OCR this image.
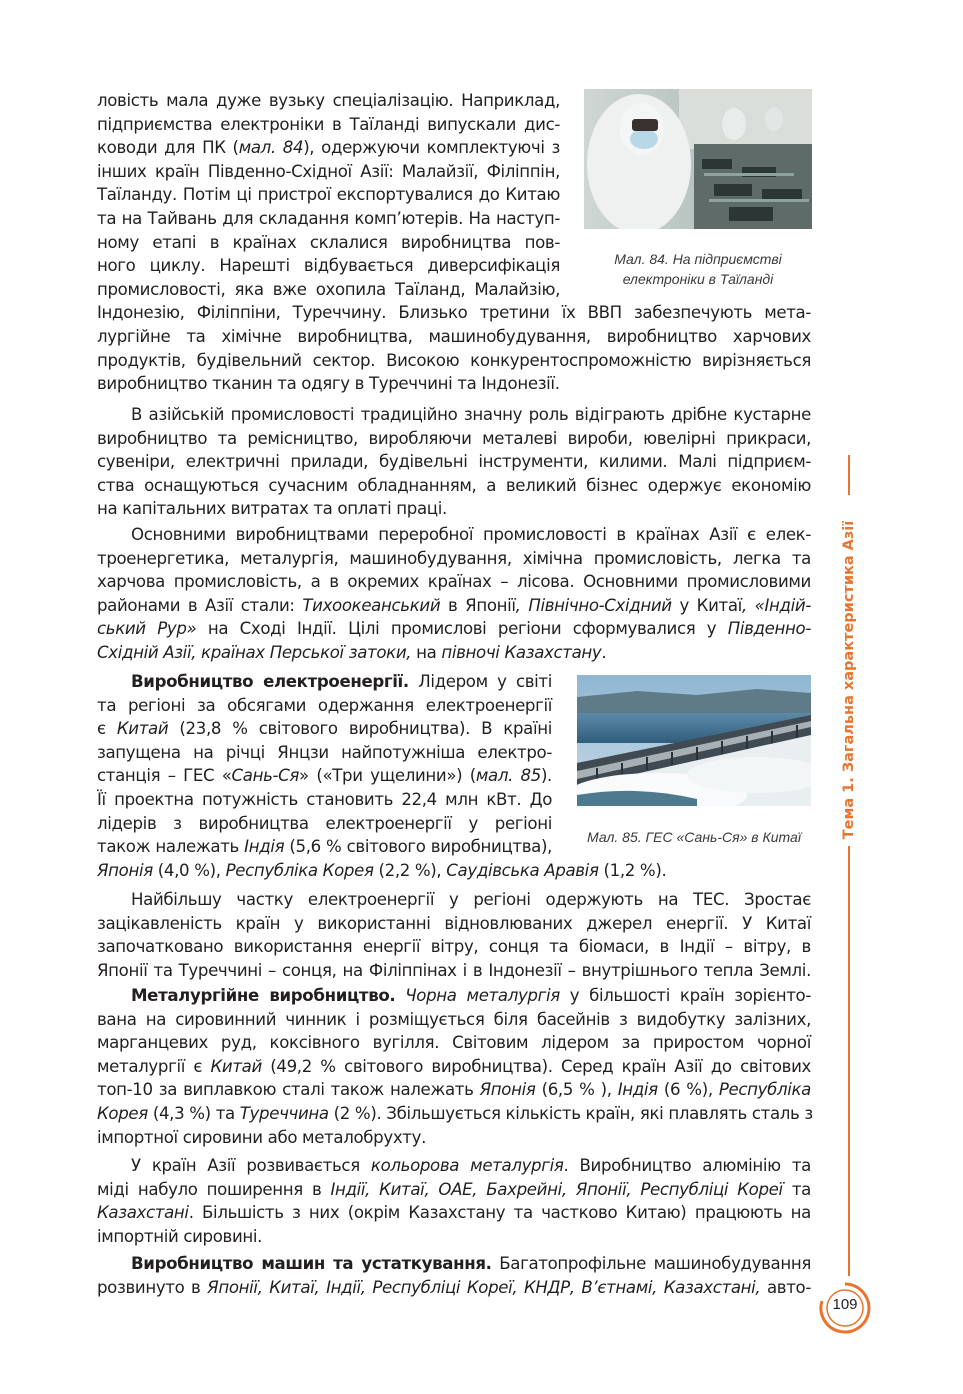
Мал. 84. На підприємстві
електроніки в Таїланді
ловість мала дуже вузьку спеціалізацію. Наприклад,
підприємства електроніки в Таїланді випускали дис-
ководи для ПК (мал. 84), одержуючи комплектуючі з
інших країн Південно-Східної Азії: Малайзії, Філіппін,
Таїланду. Потім ці пристрої експортувалися до Китаю
та на Тайвань для складання комп’ютерів. На наступ-
ному етапі в країнах склалися виробництва пов-
ного циклу. Нарешті відбувається диверсифікація
промисловості, яка вже охопила Таїланд, Малайзію,
Індонезію, Філіппіни, Туреччину. Близько третини їх ВВП забезпечують мета-
лургійне та хімічне виробництва, машинобудування, виробництво харчових
продуктів, будівельний сектор. Високою конкурентоспроможністю вирізняється
виробництво тканин та одягу в Туреччині та Індонезії.
В азійській промисловості традиційно значну роль відіграють дрібне кустарне
виробництво та ремісництво, виробляючи металеві вироби, ювелірні прикраси,
сувеніри, електричні прилади, будівельні інструменти, килими. Малі підприєм-
ства оснащуються сучасним обладнанням, а великий бізнес одержує економію
на капітальних витратах та оплаті праці.
Основними виробництвами переробної промисловості в країнах Азії є елек-
троенергетика, металургія, машинобудування, хімічна промисловість, легка та
харчова промисловість, а в окремих країнах – лісова. Основними промисловими
районами в Азії стали: Тихоокеанський в Японії, Північно-Східний у Китаї, «Індій-
ський Рур» на Сході Індії. Цілі промислові регіони сформувалися у Південно-
Східній Азії, країнах Перської затоки, на півночі Казахстану.
Мал. 85. ГЕС «Сань-Ся» в Китаї
Виробництво електроенергії. Лідером у світі
та регіоні за обсягами одержання електроенергії
є Китай (23,8 % світового виробництва). В країні
запущена на річці Янцзи найпотужніша електро-
станція – ГЕС «Сань-Ся» («Три ущелини») (мал. 85).
Її проектна потужність становить 22,4 млн кВт. До
лідерів з виробництва електроенергії у регіоні
також належать Індія (5,6 % світового виробництва),
Японія (4,0 %), Республіка Корея (2,2 %), Саудівська Аравія (1,2 %).
Найбільшу частку електроенергії у регіоні одержують на ТЕС. Зростає
зацікавленість країн у використанні відновлюваних джерел енергії. У Китаї
започатковано використання енергії вітру, сонця та біомаси, в Індії – вітру, в
Японії та Туреччині – сонця, на Філіппінах і в Індонезії – внутрішнього тепла Землі.
Металургійне виробництво. Чорна металургія у більшості країн зорієнто-
вана на сировинний чинник і розміщується біля басейнів з видобутку залізних,
марганцевих руд, коксівного вугілля. Світовим лідером за приростом чорної
металургії є Китай (49,2 % світового виробництва). Серед країн Азії до світових
топ-10 за виплавкою сталі також належать Японія (6,5 % ), Індія (6 %), Республіка
Корея (4,3 %) та Туреччина (2 %). Збільшується кількість країн, які плавлять сталь з
імпортної сировини або металобрухту.
У країн Азії розвивається кольорова металургія. Виробництво алюмінію та
міді набуло поширення в Індії, Китаї, ОАЕ, Бахрейні, Японії, Республіці Кореї та
Казахстані. Більшість з них (окрім Казахстану та частково Китаю) працюють на
імпортній сировині.
Виробництво машин та устаткування. Багатопрофільне машинобудування
розвинуто в Японії, Китаї, Індії, Республіці Кореї, КНДР, В’єтнамі, Казахстані, авто-
Тема 1. Загальна характеристика Азії
109
